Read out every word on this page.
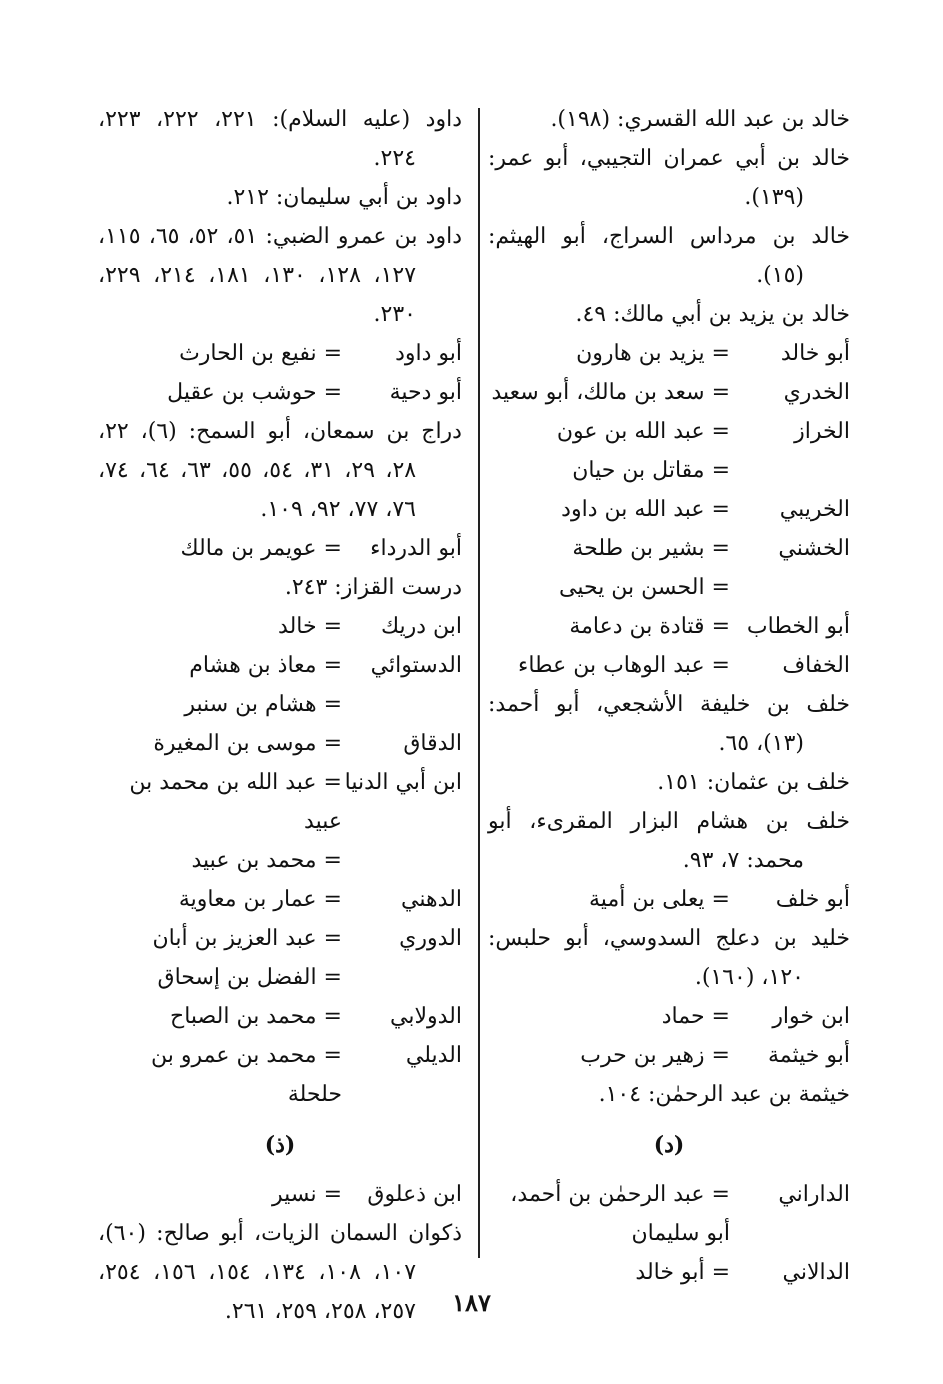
خالد بن عبد الله القسري: (١٩٨).

خالد بن أبي عمران التجيبي، أبو عمر: (١٣٩).

خالد بن مرداس السراج، أبو الهيثم: (١٥).

خالد بن يزيد بن أبي مالك: ٤٩.

أبو خالد
= يزيد بن هارون
الخدري
= سعد بن مالك، أبو سعيد
الخراز
= عبد الله بن عون
= مقاتل بن حيان
الخريبي
= عبد الله بن داود
الخشني
= بشير بن طلحة
= الحسن بن يحيى
أبو الخطاب
= قتادة بن دعامة
الخفاف
= عبد الوهاب بن عطاء

خلف بن خليفة الأشجعي، أبو أحمد: (١٣)، ٦٥.

خلف بن عثمان: ١٥١.

خلف بن هشام البزار المقرىء، أبو محمد: ٧، ٩٣.

أبو خلف
= يعلى بن أمية

خليد بن دعلج السدوسي، أبو حلبس: ١٢٠، (١٦٠).

ابن خوار
= حماد
أبو خيثمة
= زهير بن حرب

خيثمة بن عبد الرحمٰن: ١٠٤.

(د)
الداراني
= عبد الرحمٰن بن أحمد، أبو سليمان
الدالاني
= أبو خالد

داود (عليه السلام): ٢٢١، ٢٢٢، ٢٢٣، ٢٢٤.

داود بن أبي سليمان: ٢١٢.

داود بن عمرو الضبي: ٥١، ٥٢، ٦٥، ١١٥، ١٢٧، ١٢٨، ١٣٠، ١٨١، ٢١٤، ٢٢٩، ٢٣٠.

أبو داود
= نفيع بن الحارث
أبو دحية
= حوشب بن عقيل

دراج بن سمعان، أبو السمح: (٦)، ٢٢، ٢٨، ٢٩، ٣١، ٥٤، ٥٥، ٦٣، ٦٤، ٧٤، ٧٦، ٧٧، ٩٢، ١٠٩.

أبو الدرداء
= عويمر بن مالك

درست القزاز: ٢٤٣.

ابن دريك
= خالد
الدستوائي
= معاذ بن هشام
= هشام بن سنبر
الدقاق
= موسى بن المغيرة
ابن أبي الدنيا
= عبد الله بن محمد بن عبيد
= محمد بن عبيد
الدهني
= عمار بن معاوية
الدوري
= عبد العزيز بن أبان
= الفضل بن إسحاق
الدولابي
= محمد بن الصباح
الديلي
= محمد بن عمرو بن حلحلة
(ذ)
ابن ذعلوق
= نسير

ذكوان السمان الزيات، أبو صالح: (٦٠)، ١٠٧، ١٠٨، ١٣٤، ١٥٤، ١٥٦، ٢٥٤، ٢٥٧، ٢٥٨، ٢٥٩، ٢٦١.	١٨٧
